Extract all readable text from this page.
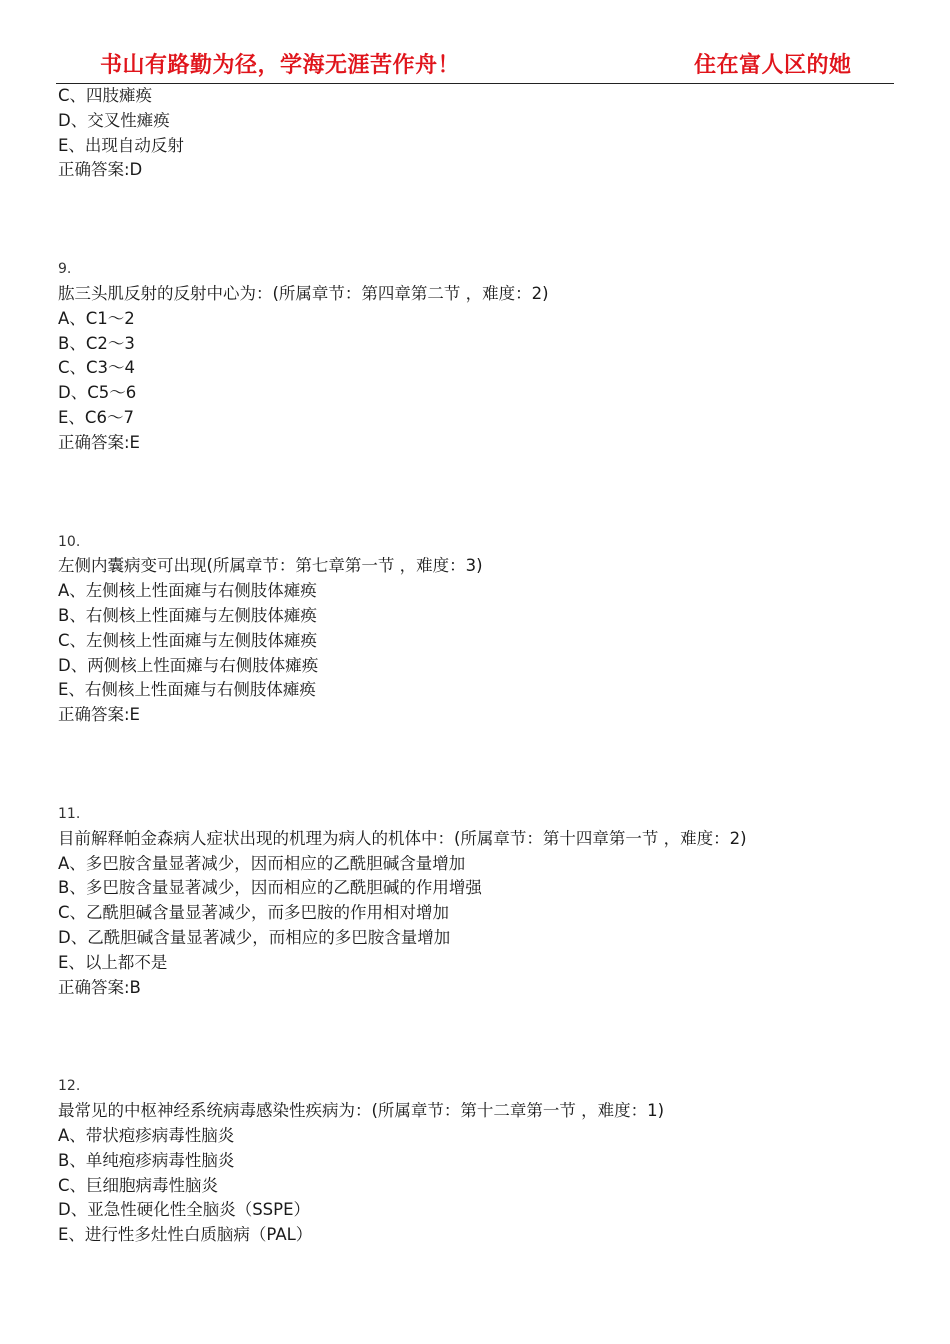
书山有路勤为径，学海无涯苦作舟！	住在富人区的她
C、四肢瘫痪
D、交叉性瘫痪
E、出现自动反射
正确答案:D
9.
肱三头肌反射的反射中心为：(所属章节：第四章第二节 ，难度：2)
A、C1～2
B、C2～3
C、C3～4
D、C5～6
E、C6～7
正确答案:E
10.
左侧内囊病变可出现(所属章节：第七章第一节 ，难度：3)
A、左侧核上性面瘫与右侧肢体瘫痪
B、右侧核上性面瘫与左侧肢体瘫痪
C、左侧核上性面瘫与左侧肢体瘫痪
D、两侧核上性面瘫与右侧肢体瘫痪
E、右侧核上性面瘫与右侧肢体瘫痪
正确答案:E
11.
目前解释帕金森病人症状出现的机理为病人的机体中：(所属章节：第十四章第一节 ，难度：2)
A、多巴胺含量显著减少，因而相应的乙酰胆碱含量增加
B、多巴胺含量显著减少，因而相应的乙酰胆碱的作用增强
C、乙酰胆碱含量显著减少，而多巴胺的作用相对增加
D、乙酰胆碱含量显著减少，而相应的多巴胺含量增加
E、以上都不是
正确答案:B
12.
最常见的中枢神经系统病毒感染性疾病为：(所属章节：第十二章第一节 ，难度：1)
A、带状疱疹病毒性脑炎
B、单纯疱疹病毒性脑炎
C、巨细胞病毒性脑炎
D、亚急性硬化性全脑炎（SSPE）
E、进行性多灶性白质脑病（PAL）
